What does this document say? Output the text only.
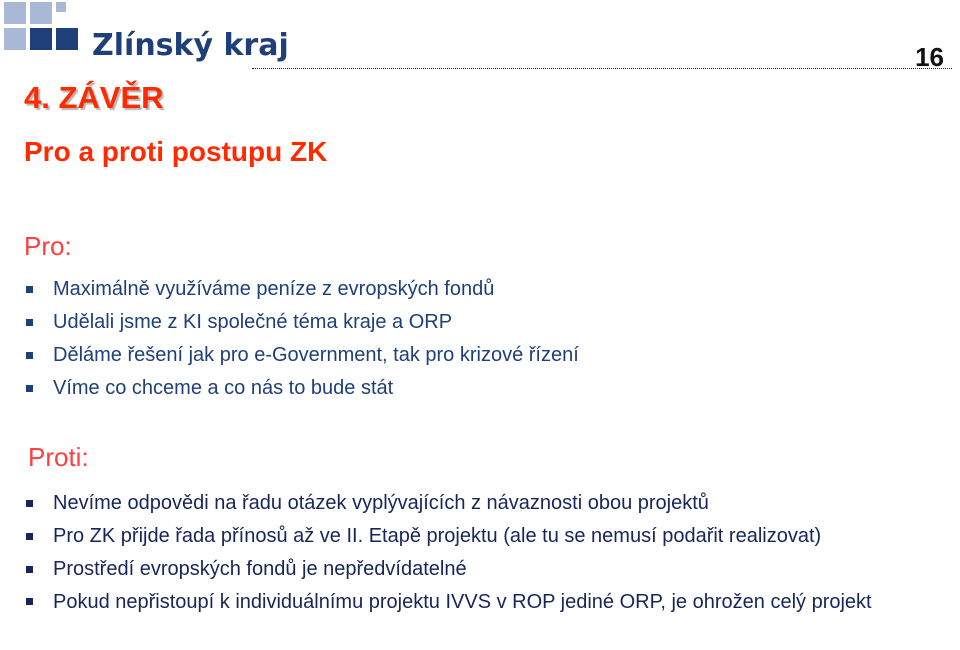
Zlínský kraj	16
4. ZÁVĚR
Pro a proti postupu ZK
Pro:
Maximálně využíváme peníze z evropských fondů
Udělali jsme z KI společné téma kraje a ORP
Děláme řešení jak pro e-Government, tak pro krizové řízení
Víme co chceme a co nás to bude stát
Proti:
Nevíme odpovědi na řadu otázek vyplývajících z návaznosti obou projektů
Pro ZK přijde řada přínosů až ve II. Etapě projektu (ale tu se nemusí podařit realizovat)
Prostředí evropských fondů je nepředvídatelné
Pokud nepřistoupí k individuálnímu projektu IVVS v ROP jediné ORP, je ohrožen celý projekt
